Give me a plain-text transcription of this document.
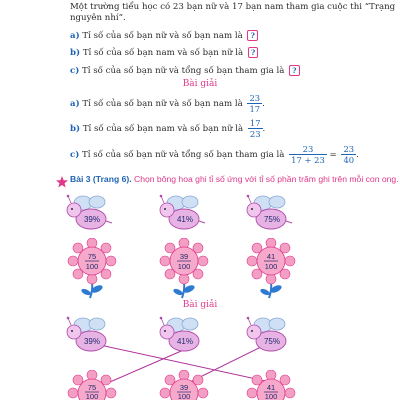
Một trường tiểu học có 23 bạn nữ và 17 bạn nam tham gia cuộc thi “Trạng
nguyên nhí”.
a) Tỉ số của số bạn nữ và số bạn nam là ?
b) Tỉ số của số bạn nam và số bạn nữ là ?
c) Tỉ số của số bạn nữ và tổng số bạn tham gia là ?
Bài giải
a) Tỉ số của số bạn nữ và số bạn nam là $\frac{23}{17}$ .
b) Tỉ số của số bạn nam và số bạn nữ là $\frac{17}{23}$ .
c) Tỉ số của số bạn nữ và tổng số bạn tham gia là $\frac{23}{17 + 23} = \frac{23}{40}$ .
Bài 3 (Trang 6). Chọn bông hoa ghi tỉ số ứng với tỉ số phần trăm ghi trên mỗi con ong.
39%	41%	75%
75
100
39
100
41
100
Bài giải
39%	41%	75%
75
100
39
100
41
100
